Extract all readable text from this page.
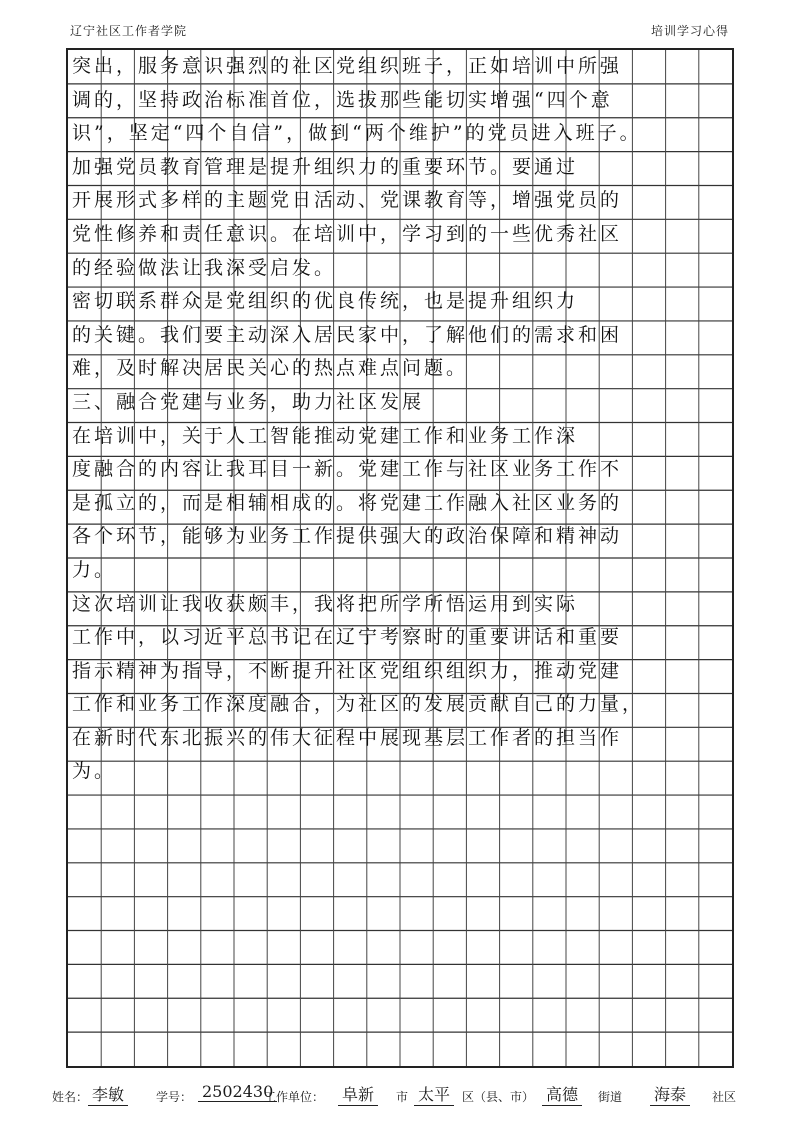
辽宁社区工作者学院	培训学习心得
突出，服务意识强烈的社区党组织班子，正如培训中所强
调的，坚持政治标准首位，选拔那些能切实增强“四个意
识”，坚定“四个自信”，做到“两个维护”的党员进入班子。
加强党员教育管理是提升组织力的重要环节。要通过
开展形式多样的主题党日活动、党课教育等，增强党员的
党性修养和责任意识。在培训中，学习到的一些优秀社区
的经验做法让我深受启发。
密切联系群众是党组织的优良传统，也是提升组织力
的关键。我们要主动深入居民家中，了解他们的需求和困
难，及时解决居民关心的热点难点问题。
三、融合党建与业务，助力社区发展
在培训中，关于人工智能推动党建工作和业务工作深
度融合的内容让我耳目一新。党建工作与社区业务工作不
是孤立的，而是相辅相成的。将党建工作融入社区业务的
各个环节，能够为业务工作提供强大的政治保障和精神动
力。
这次培训让我收获颇丰，我将把所学所悟运用到实际
工作中，以习近平总书记在辽宁考察时的重要讲话和重要
指示精神为指导，不断提升社区党组织组织力，推动党建
工作和业务工作深度融合，为社区的发展贡献自己的力量，
在新时代东北振兴的伟大征程中展现基层工作者的担当作
为。
姓名： 李敏	学号： 2502430
工作单位： 阜新	市 太平 区（县、市） 高德	街道 海泰	社区
